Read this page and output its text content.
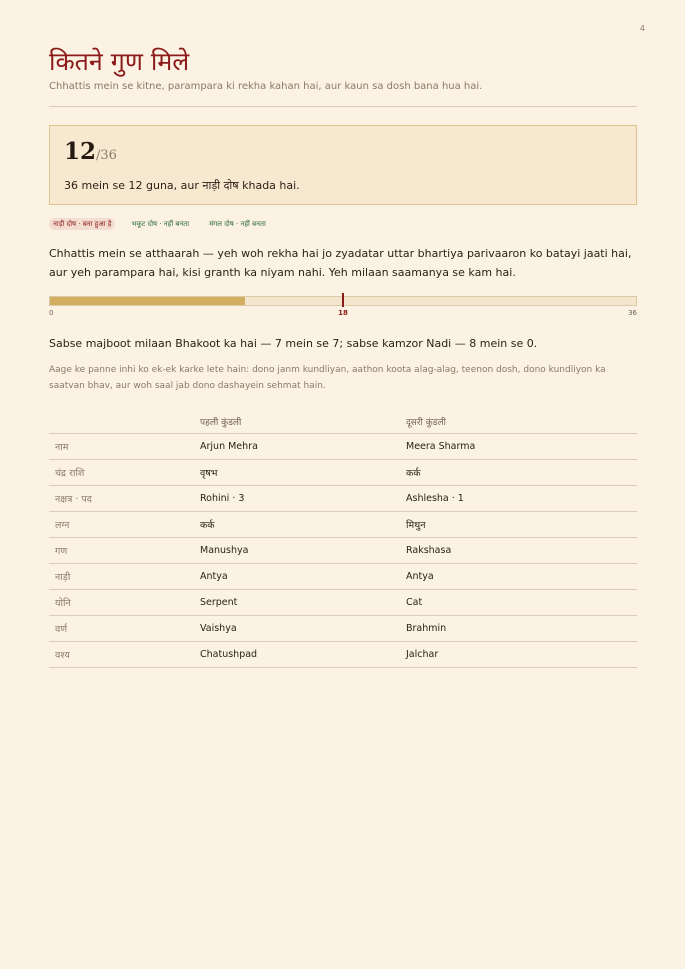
4
कितने गुण मिले
Chhattis mein se kitne, parampara ki rekha kahan hai, aur kaun sa dosh bana hua hai.
12/36
36 mein se 12 guna, aur नाड़ी दोष khada hai.
नाड़ी दोष · बना हुआ है	भकूट दोष · नहीं बनता	मंगल दोष · नहीं बनता

Chhattis mein se atthaarah — yeh woh rekha hai jo zyadatar uttar bhartiya parivaaron ko batayi jaati hai, aur yeh parampara hai, kisi granth ka niyam nahi. Yeh milaan saamanya se kam hai.

0	18	36

Sabse majboot milaan Bhakoot ka hai — 7 mein se 7; sabse kamzor Nadi — 8 mein se 0.

Aage ke panne inhi ko ek-ek karke lete hain: dono janm kundliyan, aathon koota alag-alag, teenon dosh, dono kundliyon ka saatvan bhav, aur woh saal jab dono dashayein sehmat hain.

	पहली कुंडली	दूसरी कुंडली
नाम	Arjun Mehra	Meera Sharma
चंद्र राशि	वृषभ	कर्क
नक्षत्र · पद	Rohini · 3	Ashlesha · 1
लग्न	कर्क	मिथुन
गण	Manushya	Rakshasa
नाड़ी	Antya	Antya
योनि	Serpent	Cat
वर्ण	Vaishya	Brahmin
वश्य	Chatushpad	Jalchar
